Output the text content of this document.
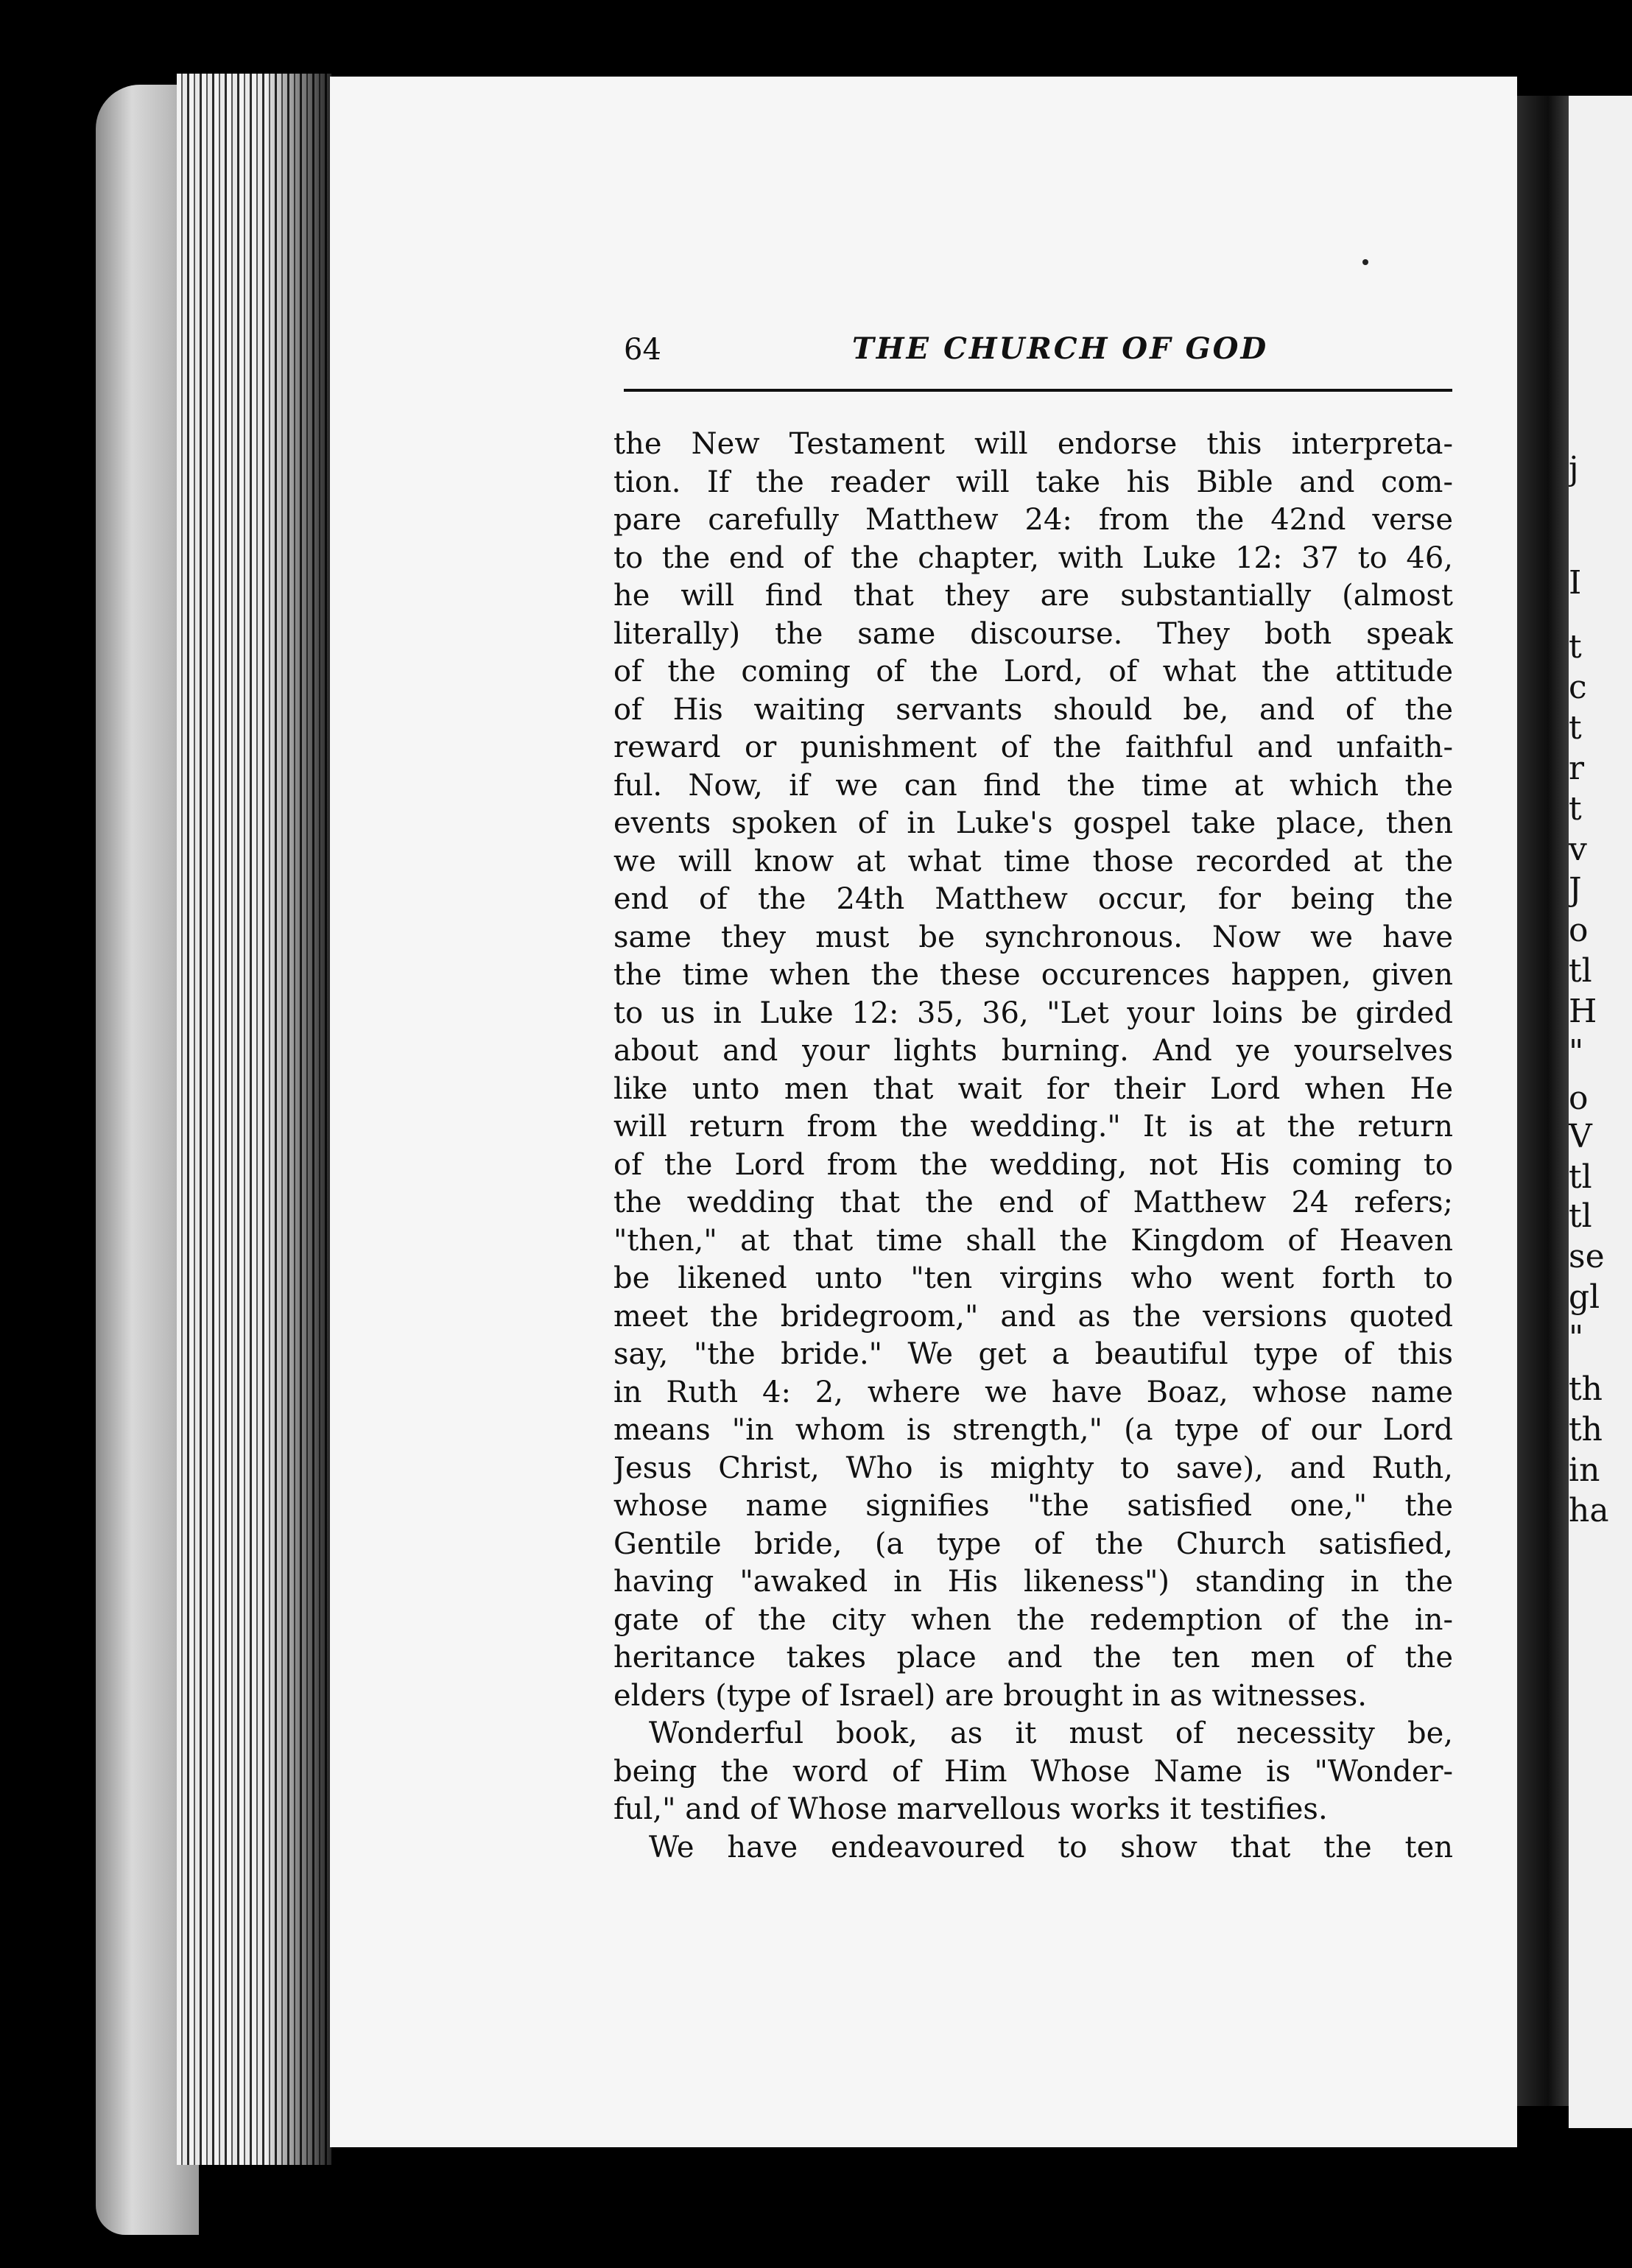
64	THE CHURCH OF GOD
the New Testament will endorse this interpreta-
tion. If the reader will take his Bible and com-
pare carefully Matthew 24: from the 42nd verse
to the end of the chapter, with Luke 12: 37 to 46,
he will find that they are substantially (almost
literally) the same discourse. They both speak
of the coming of the Lord, of what the attitude
of His waiting servants should be, and of the
reward or punishment of the faithful and unfaith-
ful. Now, if we can find the time at which the
events spoken of in Luke's gospel take place, then
we will know at what time those recorded at the
end of the 24th Matthew occur, for being the
same they must be synchronous. Now we have
the time when the these occurences happen, given
to us in Luke 12: 35, 36, "Let your loins be girded
about and your lights burning. And ye yourselves
like unto men that wait for their Lord when He
will return from the wedding." It is at the return
of the Lord from the wedding, not His coming to
the wedding that the end of Matthew 24 refers;
"then," at that time shall the Kingdom of Heaven
be likened unto "ten virgins who went forth to
meet the bridegroom," and as the versions quoted
say, "the bride." We get a beautiful type of this
in Ruth 4: 2, where we have Boaz, whose name
means "in whom is strength," (a type of our Lord
Jesus Christ, Who is mighty to save), and Ruth,
whose name signifies "the satisfied one," the
Gentile bride, (a type of the Church satisfied,
having "awaked in His likeness") standing in the
gate of the city when the redemption of the in-
heritance takes place and the ten men of the
elders (type of Israel) are brought in as witnesses.
Wonderful book, as it must of necessity be,
being the word of Him Whose Name is "Wonder-
ful," and of Whose marvellous works it testifies.
We have endeavoured to show that the ten
j
I
t
c
t
r
t
v
J
o
tl
H
"
o
V
tl
tl
se
gl
"
th
th
in
ha
